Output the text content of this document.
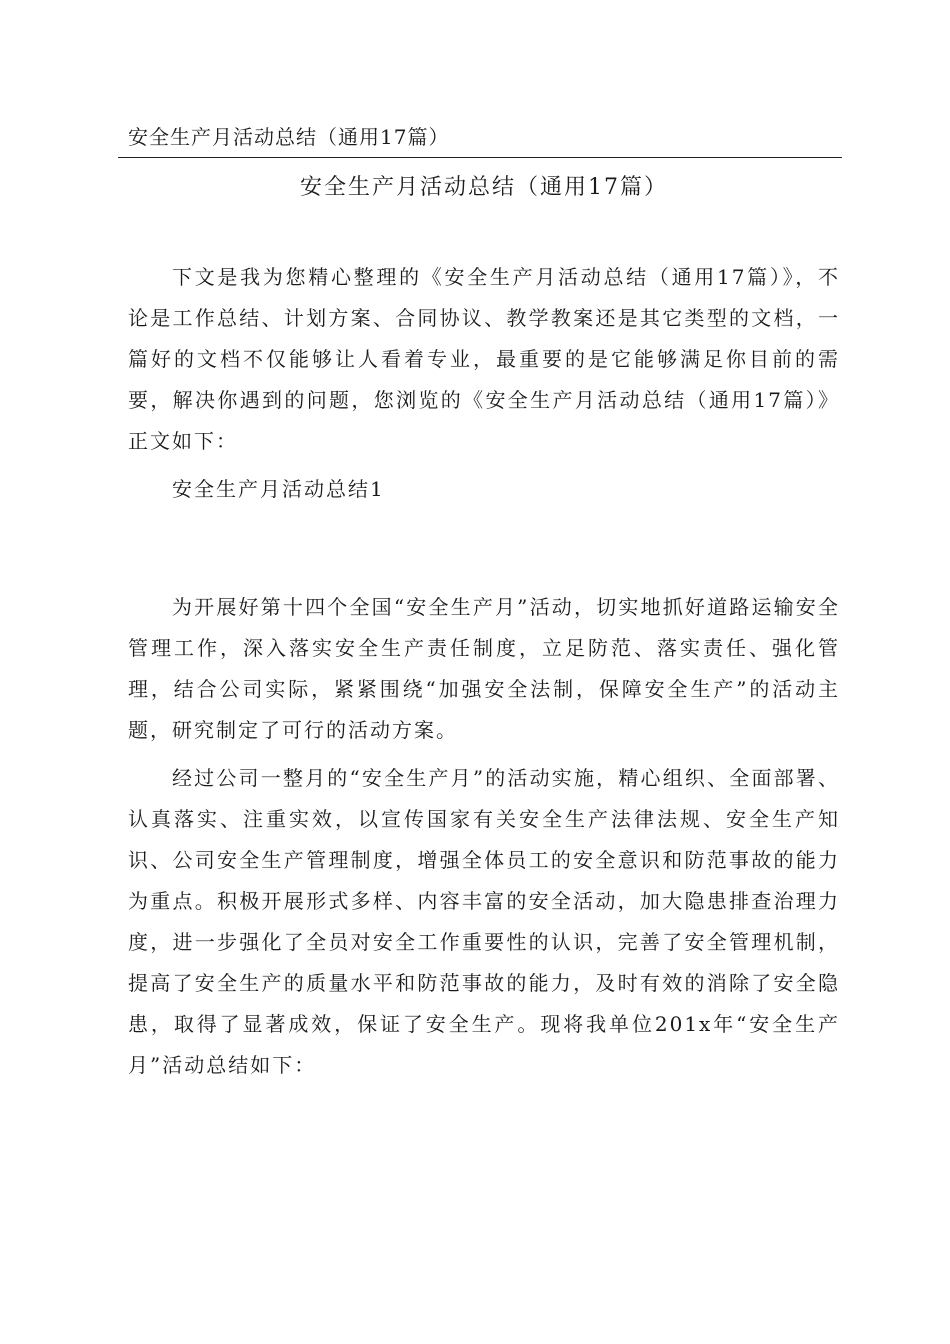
安全生产月活动总结（通用17篇）
安全生产月活动总结（通用17篇）

下文是我为您精心整理的《安全生产月活动总结（通用17篇）》，不论是工作总结、计划方案、合同协议、教学教案还是其它类型的文档，一篇好的文档不仅能够让人看着专业，最重要的是它能够满足你目前的需要，解决你遇到的问题，您浏览的《安全生产月活动总结（通用17篇）》正文如下：

安全生产月活动总结1

为开展好第十四个全国“安全生产月”活动，切实地抓好道路运输安全管理工作，深入落实安全生产责任制度，立足防范、落实责任、强化管理，结合公司实际，紧紧围绕“加强安全法制，保障安全生产”的活动主题，研究制定了可行的活动方案。

经过公司一整月的“安全生产月”的活动实施，精心组织、全面部署、认真落实、注重实效，以宣传国家有关安全生产法律法规、安全生产知识、公司安全生产管理制度，增强全体员工的安全意识和防范事故的能力为重点。积极开展形式多样、内容丰富的安全活动，加大隐患排查治理力度，进一步强化了全员对安全工作重要性的认识，完善了安全管理机制，提高了安全生产的质量水平和防范事故的能力，及时有效的消除了安全隐患，取得了显著成效，保证了安全生产。现将我单位201x年“安全生产月”活动总结如下：
